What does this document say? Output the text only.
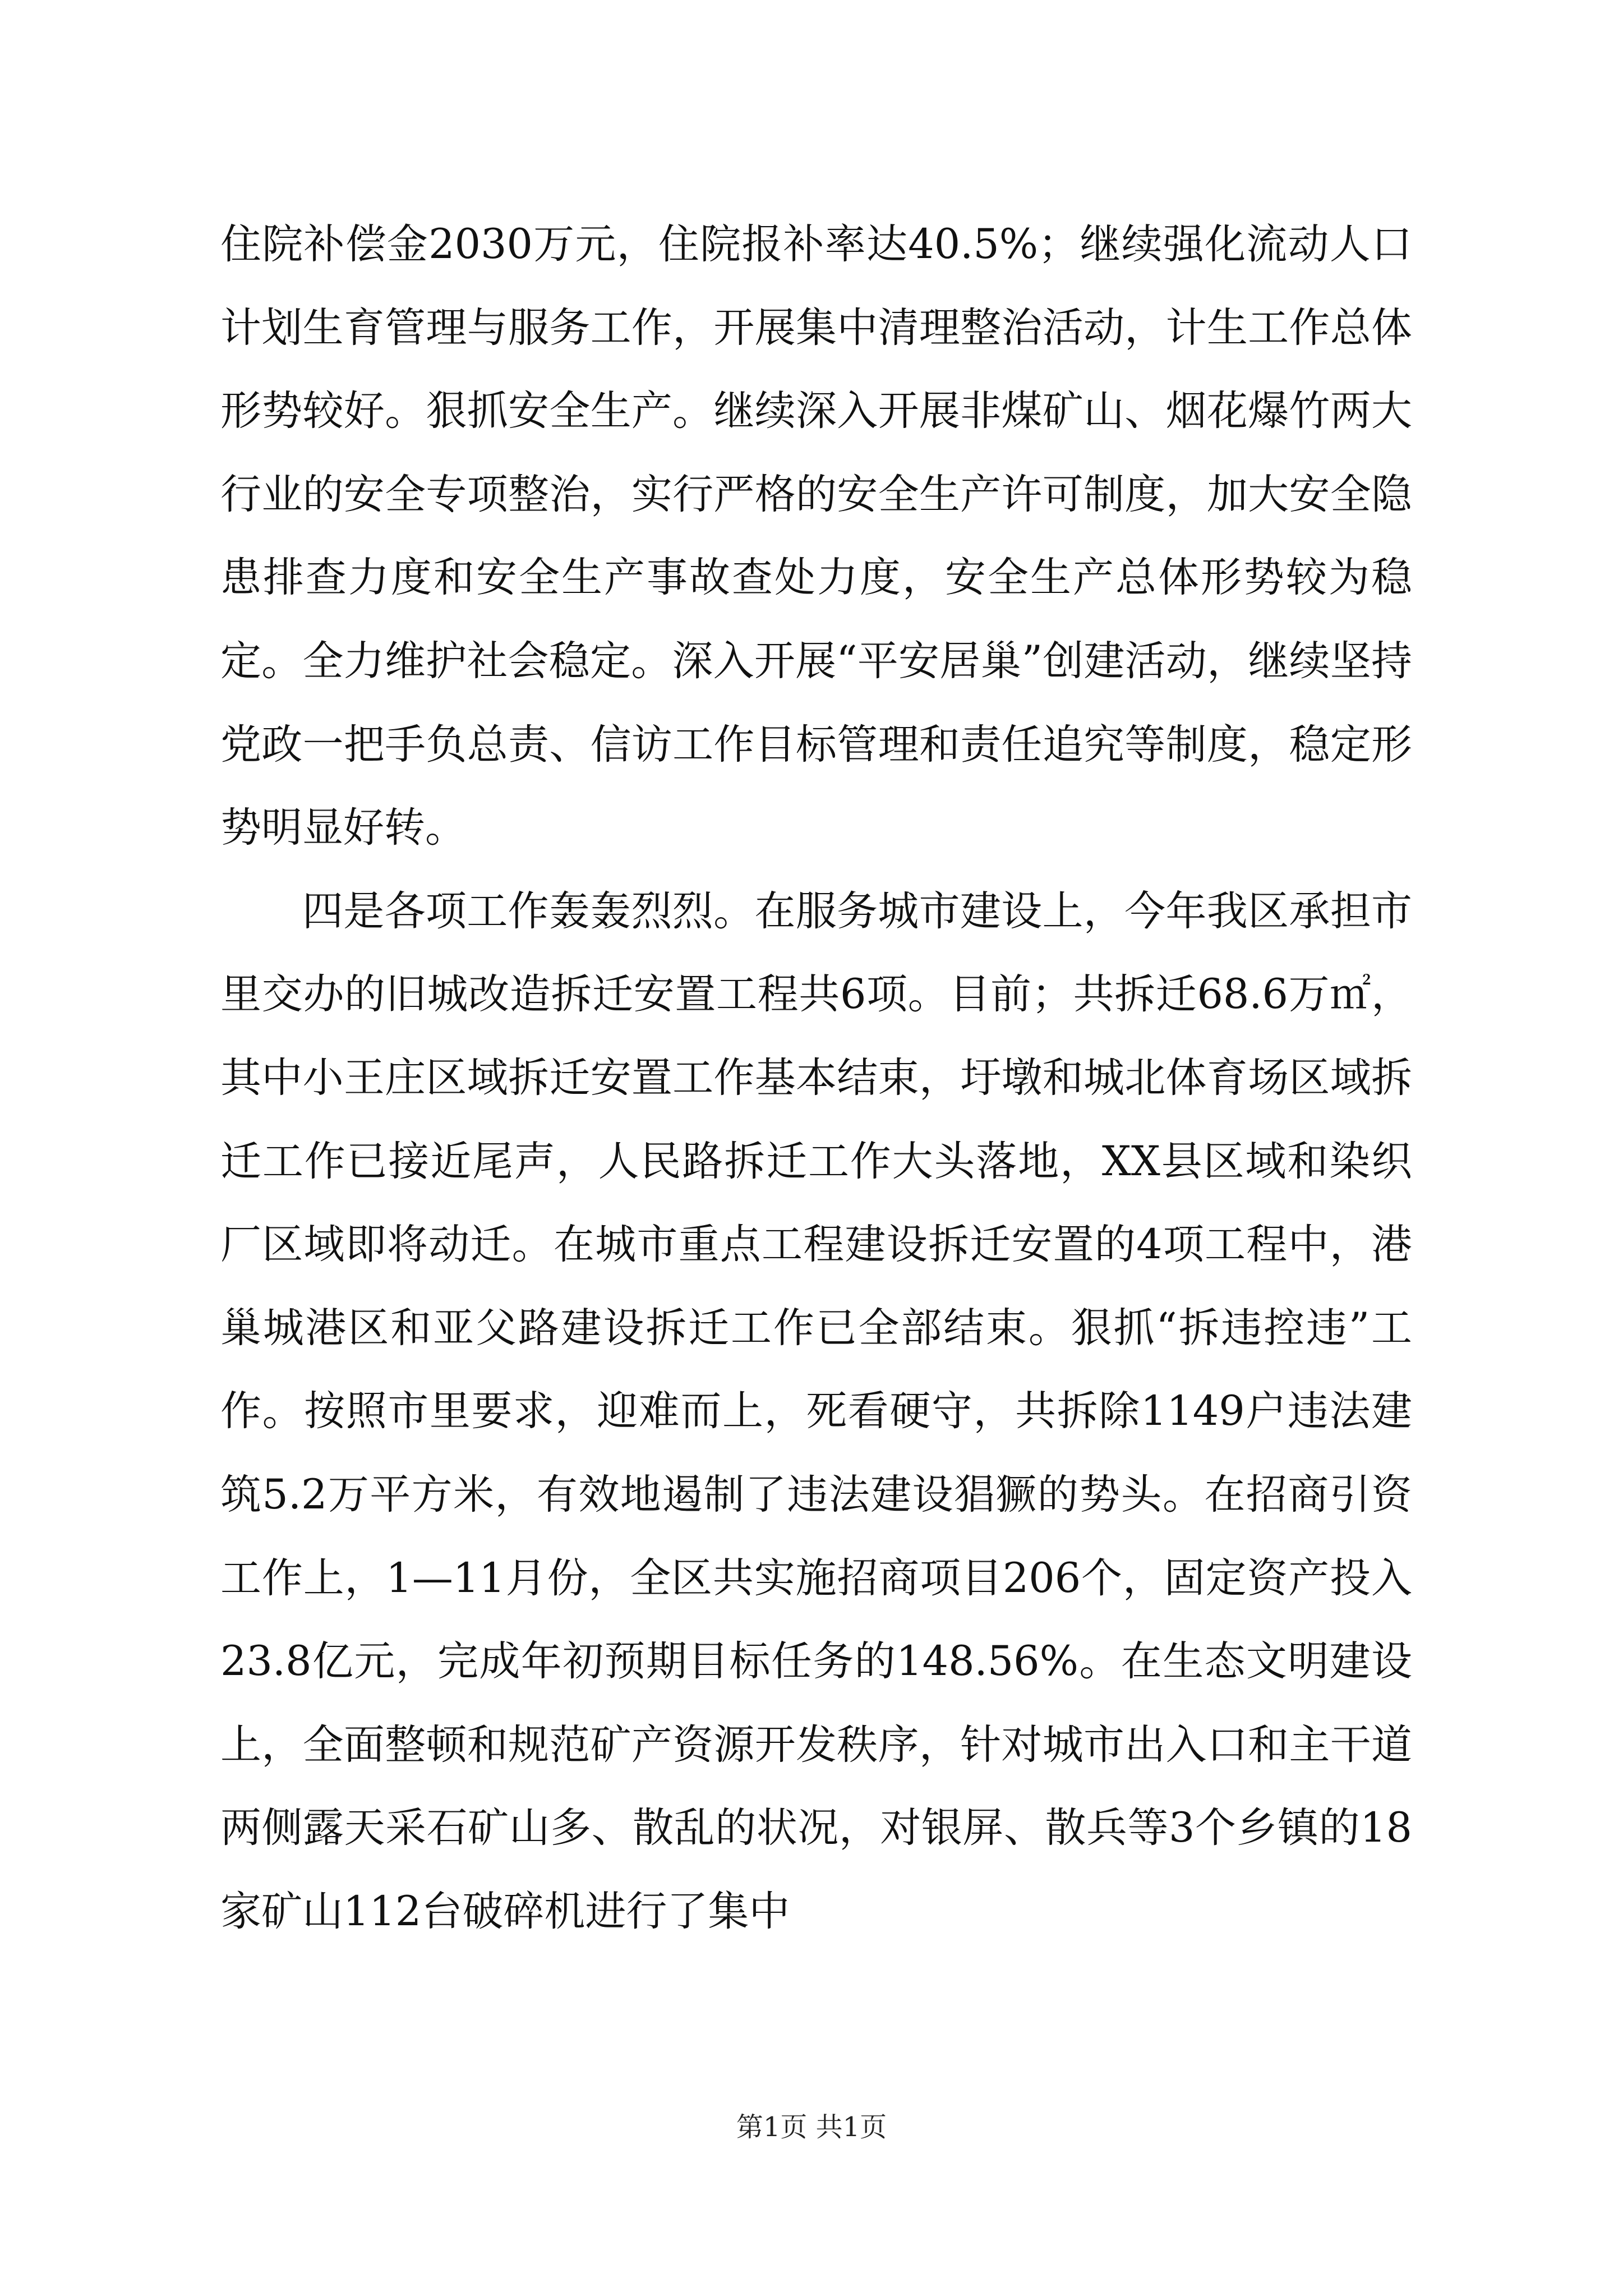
住院补偿金2030万元，住院报补率达40.5%；继续强化流动人口计划生育管理与服务工作，开展集中清理整治活动，计生工作总体形势较好。狠抓安全生产。继续深入开展非煤矿山、烟花爆竹两大行业的安全专项整治，实行严格的安全生产许可制度，加大安全隐患排查力度和安全生产事故查处力度，安全生产总体形势较为稳定。全力维护社会稳定。深入开展“平安居巢”创建活动，继续坚持党政一把手负总责、信访工作目标管理和责任追究等制度，稳定形势明显好转。

四是各项工作轰轰烈烈。在服务城市建设上，今年我区承担市里交办的旧城改造拆迁安置工程共6项。目前；共拆迁68.6万㎡，其中小王庄区域拆迁安置工作基本结束，圩墩和城北体育场区域拆迁工作已接近尾声，人民路拆迁工作大头落地，XX县区域和染织厂区域即将动迁。在城市重点工程建设拆迁安置的4项工程中，港巢城港区和亚父路建设拆迁工作已全部结束。狠抓“拆违控违”工作。按照市里要求，迎难而上，死看硬守，共拆除1149户违法建筑5.2万平方米，有效地遏制了违法建设猖獗的势头。在招商引资工作上，1—11月份，全区共实施招商项目206个，固定资产投入23.8亿元，完成年初预期目标任务的148.56%。在生态文明建设上，全面整顿和规范矿产资源开发秩序，针对城市出入口和主干道两侧露天采石矿山多、散乱的状况，对银屏、散兵等3个乡镇的18家矿山112台破碎机进行了集中

第1页 共1页
